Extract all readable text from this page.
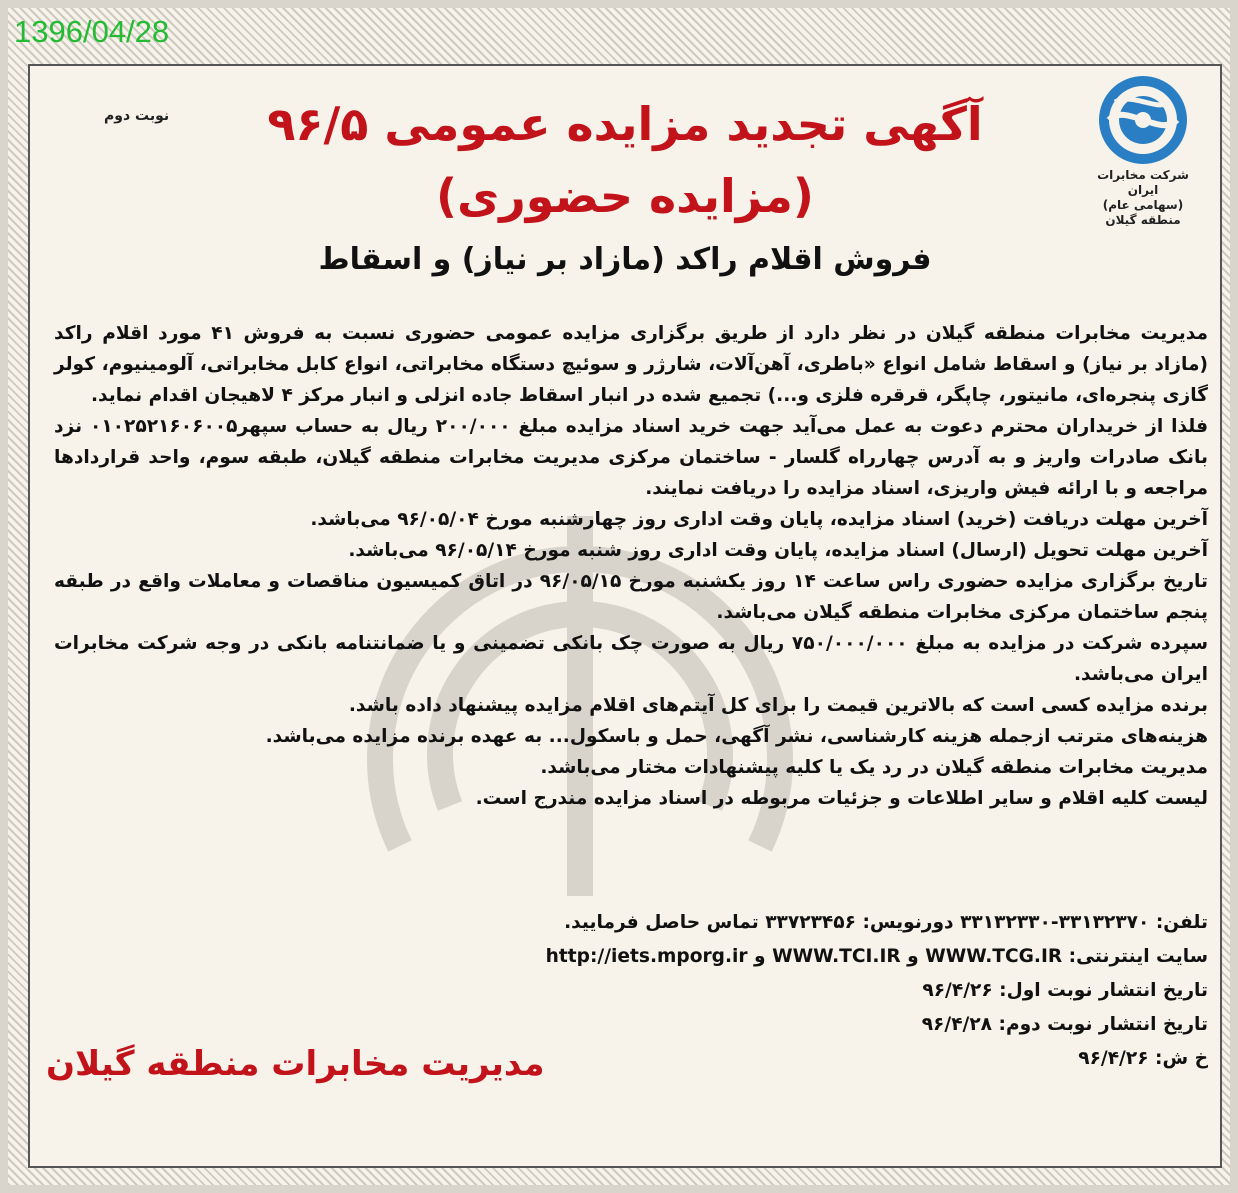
نوبت دوم	آگهی تجدید مزایده عمومی ۹۶/۵
(مزایده حضوری)
فروش اقلام راکد (مازاد بر نیاز) و اسقاط
شرکت مخابرات ایران
(سهامی عام)
منطقه گیلان

مدیریت مخابرات منطقه گیلان در نظر دارد از طریق برگزاری مزایده عمومی حضوری نسبت به فروش ۴۱ مورد اقلام راکد (مازاد بر نیاز) و اسقاط شامل انواع «باطری، آهن‌آلات، شارژر و سوئیچ دستگاه مخابراتی، انواع کابل مخابراتی، آلومینیوم، کولر گازی پنجره‌ای، مانیتور، چاپگر، قرقره فلزی و...) تجمیع شده در انبار اسقاط جاده انزلی و انبار مرکز ۴ لاهیجان اقدام نماید.

فلذا از خریداران محترم دعوت به عمل می‌آید جهت خرید اسناد مزایده مبلغ ۲۰۰/۰۰۰ ریال به حساب سپهر۰۱۰۲۵۲۱۶۰۶۰۰۵ نزد بانک صادرات واریز و به آدرس چهارراه گلسار - ساختمان مرکزی مدیریت مخابرات منطقه گیلان، طبقه سوم، واحد قراردادها مراجعه و با ارائه فیش واریزی، اسناد مزایده را دریافت نمایند.

آخرین مهلت دریافت (خرید) اسناد مزایده، پایان وقت اداری روز چهارشنبه مورخ ۹۶/۰۵/۰۴ می‌باشد.

آخرین مهلت تحویل (ارسال) اسناد مزایده، پایان وقت اداری روز شنبه مورخ ۹۶/۰۵/۱۴ می‌باشد.

تاریخ برگزاری مزایده حضوری راس ساعت ۱۴ روز یکشنبه مورخ ۹۶/۰۵/۱۵ در اتاق کمیسیون مناقصات و معاملات واقع در طبقه پنجم ساختمان مرکزی مخابرات منطقه گیلان می‌باشد.

سپرده شرکت در مزایده به مبلغ ۷۵۰/۰۰۰/۰۰۰ ریال به صورت چک بانکی تضمینی و یا ضمانتنامه بانکی در وجه شرکت مخابرات ایران می‌باشد.

برنده مزایده کسی است که بالاترین قیمت را برای کل آیتم‌های اقلام مزایده پیشنهاد داده باشد.

هزینه‌های مترتب ازجمله هزینه کارشناسی، نشر آگهی، حمل و باسکول... به عهده برنده مزایده می‌باشد.

مدیریت مخابرات منطقه گیلان در رد یک یا کلیه پیشنهادات مختار می‌باشد.

لیست کلیه اقلام و سایر اطلاعات و جزئیات مربوطه در اسناد مزایده مندرج است.

تلفن: ۳۳۱۳۲۳۷۰-۳۳۱۳۲۳۳۰ دورنویس: ۳۳۷۲۳۴۵۶ تماس حاصل فرمایید.
سایت اینترنتی: WWW.TCG.IR و WWW.TCI.IR و http://iets.mporg.ir
تاریخ انتشار نوبت اول: ۹۶/۴/۲۶
تاریخ انتشار نوبت دوم: ۹۶/۴/۲۸
خ ش: ۹۶/۴/۲۶
مدیریت مخابرات منطقه گیلان
1396/04/28
